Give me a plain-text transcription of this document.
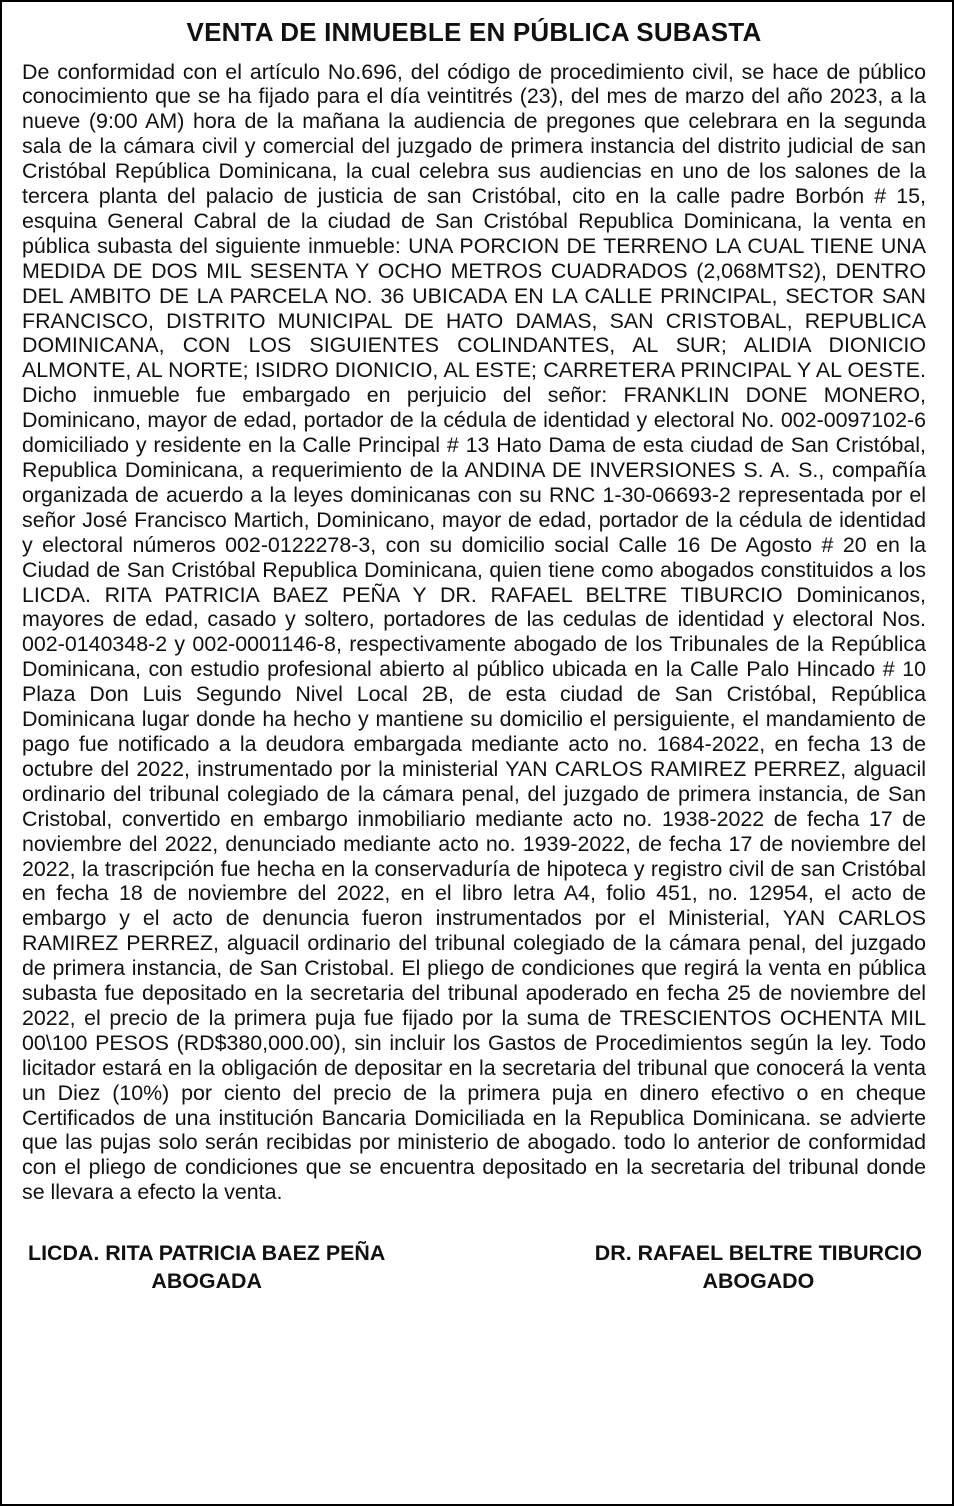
VENTA DE INMUEBLE EN PÚBLICA SUBASTA

De conformidad con el artículo No.696, del código de procedimiento civil, se hace de público conocimiento que se ha fijado para el día veintitrés (23), del mes de marzo del año 2023, a la nueve (9:00 AM) hora de la mañana la audiencia de pregones que celebrara en la segunda sala de la cámara civil y comercial del juzgado de primera instancia del distrito judicial de san Cristóbal República Dominicana, la cual celebra sus audiencias en uno de los salones de la tercera planta del palacio de justicia de san Cristóbal, cito en la calle padre Borbón # 15, esquina General Cabral de la ciudad de San Cristóbal Republica Dominicana, la venta en pública subasta del siguiente inmueble: UNA PORCION DE TERRENO LA CUAL TIENE UNA MEDIDA DE DOS MIL SESENTA Y OCHO METROS CUADRADOS (2,068MTS2), DENTRO DEL AMBITO DE LA PARCELA NO. 36 UBICADA EN LA CALLE PRINCIPAL, SECTOR SAN FRANCISCO, DISTRITO MUNICIPAL DE HATO DAMAS, SAN CRISTOBAL, REPUBLICA DOMINICANA, CON LOS SIGUIENTES COLINDANTES, AL SUR; ALIDIA DIONICIO ALMONTE, AL NORTE; ISIDRO DIONICIO, AL ESTE; CARRETERA PRINCIPAL Y AL OESTE. Dicho inmueble fue embargado en perjuicio del señor: FRANKLIN DONE MONERO, Dominicano, mayor de edad, portador de la cédula de identidad y electoral No. 002-0097102-6 domiciliado y residente en la Calle Principal # 13 Hato Dama de esta ciudad de San Cristóbal, Republica Dominicana, a requerimiento de la ANDINA DE INVERSIONES S. A. S., compañía organizada de acuerdo a la leyes dominicanas con su RNC 1-30-06693-2 representada por el señor José Francisco Martich, Dominicano, mayor de edad, portador de la cédula de identidad y electoral números 002-0122278-3, con su domicilio social Calle 16 De Agosto # 20 en la Ciudad de San Cristóbal Republica Dominicana, quien tiene como abogados constituidos a los LICDA. RITA PATRICIA BAEZ PEÑA Y DR. RAFAEL BELTRE TIBURCIO Dominicanos, mayores de edad, casado y soltero, portadores de las cedulas de identidad y electoral Nos. 002-0140348-2 y 002-0001146-8, respectivamente abogado de los Tribunales de la República Dominicana, con estudio profesional abierto al público ubicada en la Calle Palo Hincado # 10 Plaza Don Luis Segundo Nivel Local 2B, de esta ciudad de San Cristóbal, República Dominicana lugar donde ha hecho y mantiene su domicilio el persiguiente, el mandamiento de pago fue notificado a la deudora embargada mediante acto no. 1684-2022, en fecha 13 de octubre del 2022, instrumentado por la ministerial YAN CARLOS RAMIREZ PERREZ, alguacil ordinario del tribunal colegiado de la cámara penal, del juzgado de primera instancia, de San Cristobal, convertido en embargo inmobiliario mediante acto no. 1938-2022 de fecha 17 de noviembre del 2022, denunciado mediante acto no. 1939-2022, de fecha 17 de noviembre del 2022, la trascripción fue hecha en la conservaduría de hipoteca y registro civil de san Cristóbal en fecha 18 de noviembre del 2022, en el libro letra A4, folio 451, no. 12954, el acto de embargo y el acto de denuncia fueron instrumentados por el Ministerial, YAN CARLOS RAMIREZ PERREZ, alguacil ordinario del tribunal colegiado de la cámara penal, del juzgado de primera instancia, de San Cristobal. El pliego de condiciones que regirá la venta en pública subasta fue depositado en la secretaria del tribunal apoderado en fecha 25 de noviembre del 2022, el precio de la primera puja fue fijado por la suma de TRESCIENTOS OCHENTA MIL 00\100 PESOS (RD$380,000.00), sin incluir los Gastos de Procedimientos según la ley. Todo licitador estará en la obligación de depositar en la secretaria del tribunal que conocerá la venta un Diez (10%) por ciento del precio de la primera puja en dinero efectivo o en cheque Certificados de una institución Bancaria Domiciliada en la Republica Dominicana. se advierte que las pujas solo serán recibidas por ministerio de abogado. todo lo anterior de conformidad con el pliego de condiciones que se encuentra depositado en la secretaria del tribunal donde se llevara a efecto la venta.

LICDA. RITA PATRICIA BAEZ PEÑA
ABOGADA
DR. RAFAEL BELTRE TIBURCIO
ABOGADO
